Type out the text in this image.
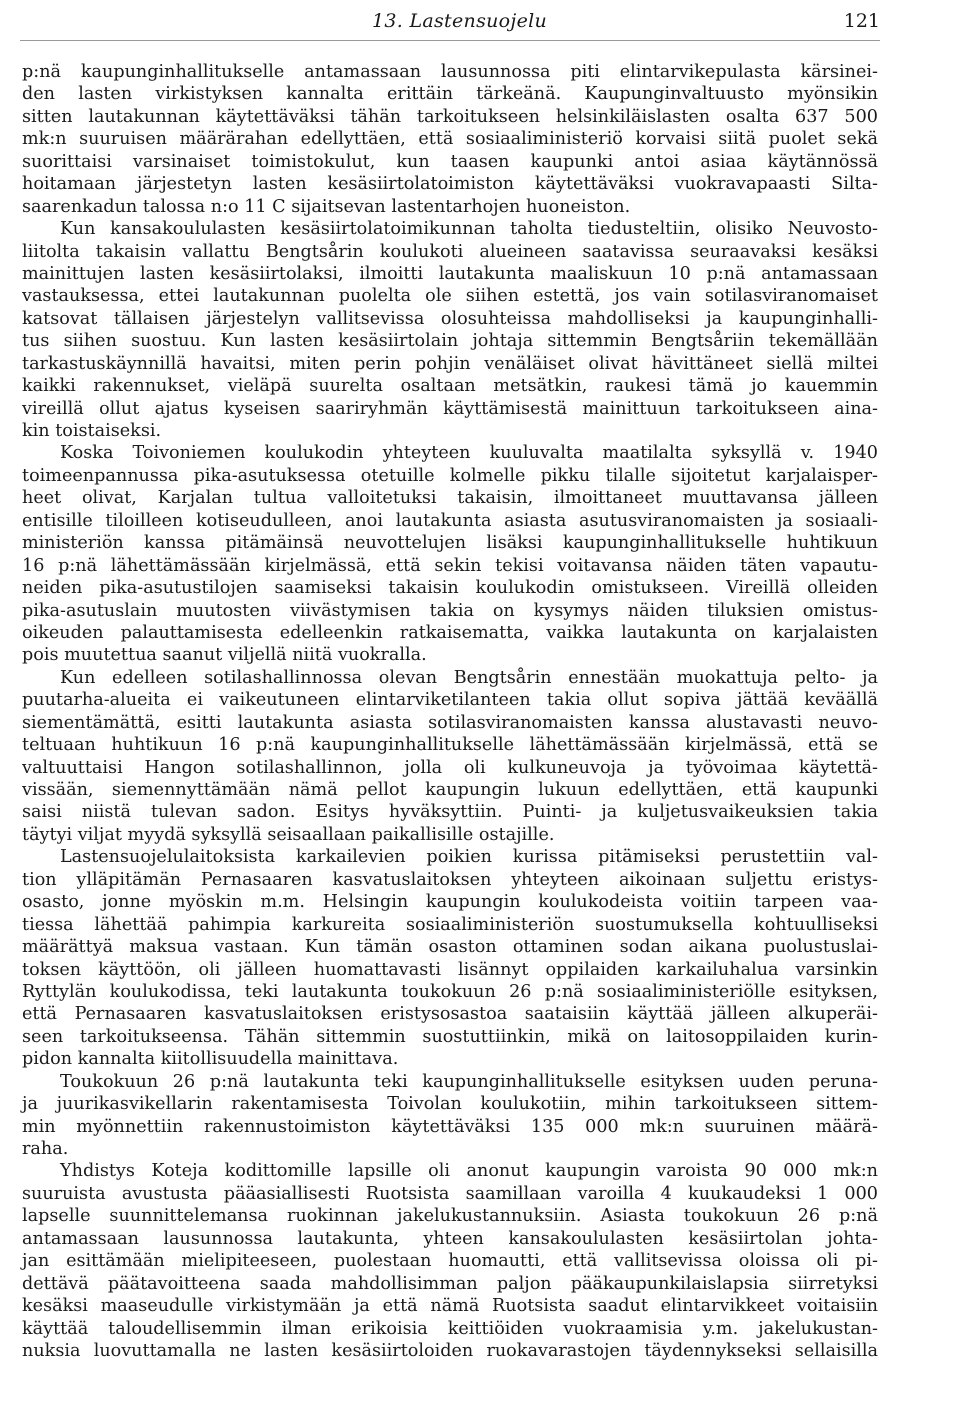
13. Lastensuojelu	121
p:nä kaupunginhallitukselle antamassaan lausunnossa piti elintarvikepulasta kärsinei-
den lasten virkistyksen kannalta erittäin tärkeänä. Kaupunginvaltuusto myönsikin
sitten lautakunnan käytettäväksi tähän tarkoitukseen helsinkiläislasten osalta 637 500
mk:n suuruisen määrärahan edellyttäen, että sosiaaliministeriö korvaisi siitä puolet sekä
suorittaisi varsinaiset toimistokulut, kun taasen kaupunki antoi asiaa käytännössä
hoitamaan järjestetyn lasten kesäsiirtolatoimiston käytettäväksi vuokravapaasti Silta-
saarenkadun talossa n:o 11 C sijaitsevan lastentarhojen huoneiston.
Kun kansakoululasten kesäsiirtolatoimikunnan taholta tiedusteltiin, olisiko Neuvosto-
liitolta takaisin vallattu Bengtsårin koulukoti alueineen saatavissa seuraavaksi kesäksi
mainittujen lasten kesäsiirtolaksi, ilmoitti lautakunta maaliskuun 10 p:nä antamassaan
vastauksessa, ettei lautakunnan puolelta ole siihen estettä, jos vain sotilasviranomaiset
katsovat tällaisen järjestelyn vallitsevissa olosuhteissa mahdolliseksi ja kaupunginhalli-
tus siihen suostuu. Kun lasten kesäsiirtolain johtaja sittemmin Bengtsåriin tekemällään
tarkastuskäynnillä havaitsi, miten perin pohjin venäläiset olivat hävittäneet siellä miltei
kaikki rakennukset, vieläpä suurelta osaltaan metsätkin, raukesi tämä jo kauemmin
vireillä ollut ajatus kyseisen saariryhmän käyttämisestä mainittuun tarkoitukseen aina-
kin toistaiseksi.
Koska Toivoniemen koulukodin yhteyteen kuuluvalta maatilalta syksyllä v. 1940
toimeenpannussa pika-asutuksessa otetuille kolmelle pikku tilalle sijoitetut karjalaisper-
heet olivat, Karjalan tultua valloitetuksi takaisin, ilmoittaneet muuttavansa jälleen
entisille tiloilleen kotiseudulleen, anoi lautakunta asiasta asutusviranomaisten ja sosiaali-
ministeriön kanssa pitämäinsä neuvottelujen lisäksi kaupunginhallitukselle huhtikuun
16 p:nä lähettämässään kirjelmässä, että sekin tekisi voitavansa näiden täten vapautu-
neiden pika-asutustilojen saamiseksi takaisin koulukodin omistukseen. Vireillä olleiden
pika-asutuslain muutosten viivästymisen takia on kysymys näiden tiluksien omistus-
oikeuden palauttamisesta edelleenkin ratkaisematta, vaikka lautakunta on karjalaisten
pois muutettua saanut viljellä niitä vuokralla.
Kun edelleen sotilashallinnossa olevan Bengtsårin ennestään muokattuja pelto- ja
puutarha-alueita ei vaikeutuneen elintarviketilanteen takia ollut sopiva jättää keväällä
siementämättä, esitti lautakunta asiasta sotilasviranomaisten kanssa alustavasti neuvo-
teltuaan huhtikuun 16 p:nä kaupunginhallitukselle lähettämässään kirjelmässä, että se
valtuuttaisi Hangon sotilashallinnon, jolla oli kulkuneuvoja ja työvoimaa käytettä-
vissään, siemennyttämään nämä pellot kaupungin lukuun edellyttäen, että kaupunki
saisi niistä tulevan sadon. Esitys hyväksyttiin. Puinti- ja kuljetusvaikeuksien takia
täytyi viljat myydä syksyllä seisaallaan paikallisille ostajille.
Lastensuojelulaitoksista karkailevien poikien kurissa pitämiseksi perustettiin val-
tion ylläpitämän Pernasaaren kasvatuslaitoksen yhteyteen aikoinaan suljettu eristys-
osasto, jonne myöskin m.m. Helsingin kaupungin koulukodeista voitiin tarpeen vaa-
tiessa lähettää pahimpia karkureita sosiaaliministeriön suostumuksella kohtuulliseksi
määrättyä maksua vastaan. Kun tämän osaston ottaminen sodan aikana puolustuslai-
toksen käyttöön, oli jälleen huomattavasti lisännyt oppilaiden karkailuhalua varsinkin
Ryttylän koulukodissa, teki lautakunta toukokuun 26 p:nä sosiaaliministeriölle esityksen,
että Pernasaaren kasvatuslaitoksen eristysosastoa saataisiin käyttää jälleen alkuperäi-
seen tarkoitukseensa. Tähän sittemmin suostuttiinkin, mikä on laitosoppilaiden kurin-
pidon kannalta kiitollisuudella mainittava.
Toukokuun 26 p:nä lautakunta teki kaupunginhallitukselle esityksen uuden peruna-
ja juurikasvikellarin rakentamisesta Toivolan koulukotiin, mihin tarkoitukseen sittem-
min myönnettiin rakennustoimiston käytettäväksi 135 000 mk:n suuruinen määrä-
raha.
Yhdistys Koteja kodittomille lapsille oli anonut kaupungin varoista 90 000 mk:n
suuruista avustusta pääasiallisesti Ruotsista saamillaan varoilla 4 kuukaudeksi 1 000
lapselle suunnittelemansa ruokinnan jakelukustannuksiin. Asiasta toukokuun 26 p:nä
antamassaan lausunnossa lautakunta, yhteen kansakoululasten kesäsiirtolan johta-
jan esittämään mielipiteeseen, puolestaan huomautti, että vallitsevissa oloissa oli pi-
dettävä päätavoitteena saada mahdollisimman paljon pääkaupunkilaislapsia siirretyksi
kesäksi maaseudulle virkistymään ja että nämä Ruotsista saadut elintarvikkeet voitaisiin
käyttää taloudellisemmin ilman erikoisia keittiöiden vuokraamisia y.m. jakelukustan-
nuksia luovuttamalla ne lasten kesäsiirtoloiden ruokavarastojen täydennykseksi sellaisilla
